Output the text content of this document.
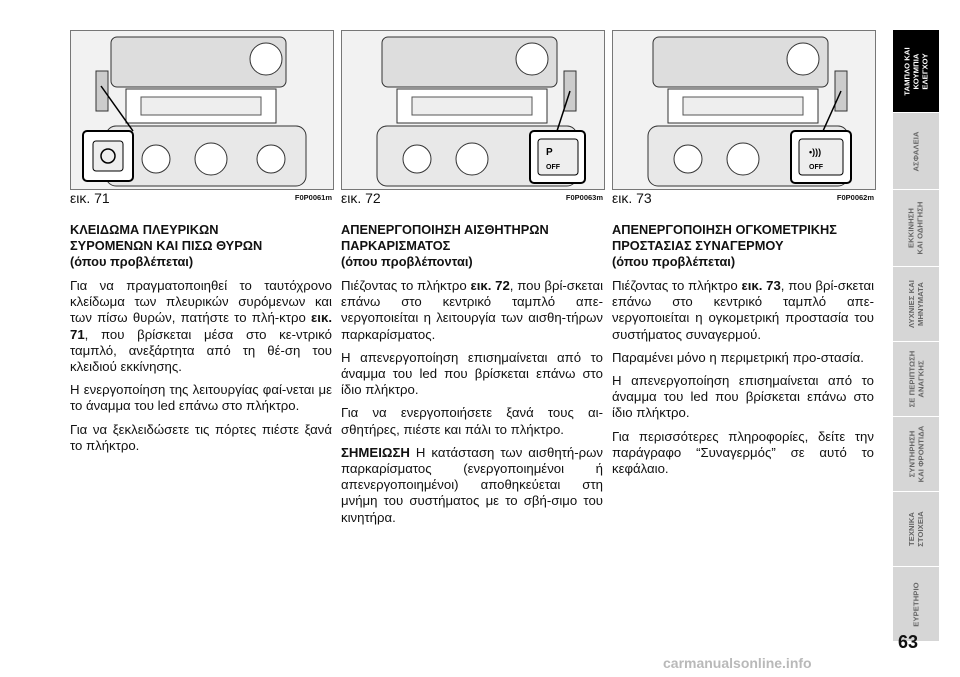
εικ. 71	F0P0061m
P
OFF
εικ. 72	F0P0063m
•)))
OFF
εικ. 73	F0P0062m
ΚΛΕΙΔΩΜΑ ΠΛΕΥΡΙΚΩΝ
ΣΥΡΟΜΕΝΩΝ ΚΑΙ ΠΙΣΩ ΘΥΡΩΝ
(όπου προβλέπεται)

Για να πραγματοποιηθεί το ταυτόχρονο κλείδωμα των πλευρικών συρόμενων και των πίσω θυρών, πατήστε το πλή-κτρο εικ. 71, που βρίσκεται μέσα στο κε-ντρικό ταμπλό, ανεξάρτητα από τη θέ-ση του κλειδιού εκκίνησης.

Η ενεργοποίηση της λειτουργίας φαί-νεται με το άναμμα του led επάνω στο πλήκτρο.

Για να ξεκλειδώσετε τις πόρτες πιέστε ξανά το πλήκτρο.

ΑΠΕΝΕΡΓΟΠΟΙΗΣΗ ΑΙΣΘΗΤΗΡΩΝ
ΠΑΡΚΑΡΙΣΜΑΤΟΣ
(όπου προβλέπονται)

Πιέζοντας το πλήκτρο εικ. 72, που βρί-σκεται επάνω στο κεντρικό ταμπλό απε-νεργοποιείται η λειτουργία των αισθη-τήρων παρκαρίσματος.

Η απενεργοποίηση επισημαίνεται από το άναμμα του led που βρίσκεται επάνω στο ίδιο πλήκτρο.

Για να ενεργοποιήσετε ξανά τους αι-σθητήρες, πιέστε και πάλι το πλήκτρο.

ΣΗΜΕΙΩΣΗ Η κατάσταση των αισθητή-ρων παρκαρίσματος (ενεργοποιημένοι ή απενεργοποιημένοι) αποθηκεύεται στη μνήμη του συστήματος με το σβή-σιμο του κινητήρα.

ΑΠΕΝΕΡΓΟΠΟΙΗΣΗ ΟΓΚΟΜΕΤΡΙΚΗΣ
ΠΡΟΣΤΑΣΙΑΣ ΣΥΝΑΓΕΡΜΟΥ
(όπου προβλέπεται)

Πιέζοντας το πλήκτρο εικ. 73, που βρί-σκεται επάνω στο κεντρικό ταμπλό απε-νεργοποιείται η ογκομετρική προστασία του συστήματος συναγερμού.

Παραμένει μόνο η περιμετρική προ-στασία.

Η απενεργοποίηση επισημαίνεται από το άναμμα του led που βρίσκεται επάνω στο ίδιο πλήκτρο.

Για περισσότερες πληροφορίες, δείτε την παράγραφο “Συναγερμός” σε αυτό το κεφάλαιο.

ΤΑΜΠΛΟ ΚΑΙ
ΚΟΥΜΠΙΑ
ΕΛΕΓΧΟΥ
ΑΣΦΑΛΕΙΑ
ΕΚΚΙΝΗΣΗ
ΚΑΙ ΟΔΗΓΗΣΗ
ΛΥΧΝΙΕΣ ΚΑΙ
ΜΗΝΥΜΑΤΑ
ΣΕ ΠΕΡΙΠΤΩΣΗ
ΑΝΑΓΚΗΣ
ΣΥΝΤΗΡΗΣΗ
ΚΑΙ ΦΡΟΝΤΙΔΑ
ΤΕΧΝΙΚΑ
ΣΤΟΙΧΕΙΑ
ΕΥΡΕΤΗΡΙΟ
63
carmanualsonline.info
